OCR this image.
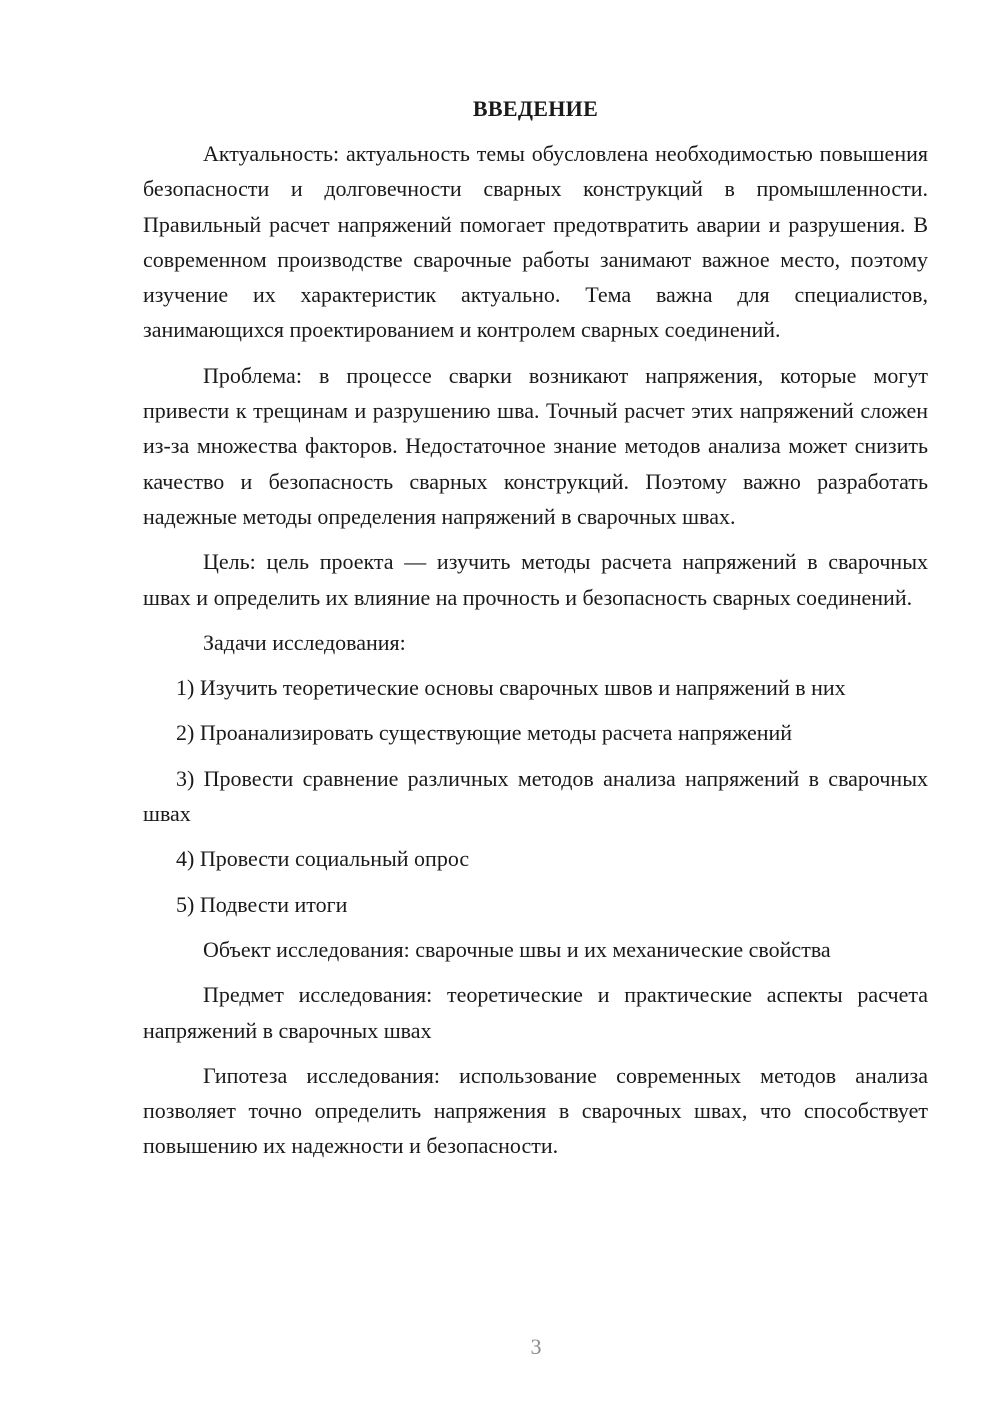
ВВЕДЕНИЕ

Актуальность: актуальность темы обусловлена необходимостью повышения безопасности и долговечности сварных конструкций в промышленности. Правильный расчет напряжений помогает предотвратить аварии и разрушения. В современном производстве сварочные работы занимают важное место, поэтому изучение их характеристик актуально. Тема важна для специалистов, занимающихся проектированием и контролем сварных соединений.

Проблема: в процессе сварки возникают напряжения, которые могут привести к трещинам и разрушению шва. Точный расчет этих напряжений сложен из-за множества факторов. Недостаточное знание методов анализа может снизить качество и безопасность сварных конструкций. Поэтому важно разработать надежные методы определения напряжений в сварочных швах.

Цель: цель проекта — изучить методы расчета напряжений в сварочных швах и определить их влияние на прочность и безопасность сварных соединений.

Задачи исследования:

1) Изучить теоретические основы сварочных швов и напряжений в них

2) Проанализировать существующие методы расчета напряжений

3) Провести сравнение различных методов анализа напряжений в сварочных швах

4) Провести социальный опрос

5) Подвести итоги

Объект исследования: сварочные швы и их механические свойства

Предмет исследования: теоретические и практические аспекты расчета напряжений в сварочных швах

Гипотеза исследования: использование современных методов анализа позволяет точно определить напряжения в сварочных швах, что способствует повышению их надежности и безопасности.

3
